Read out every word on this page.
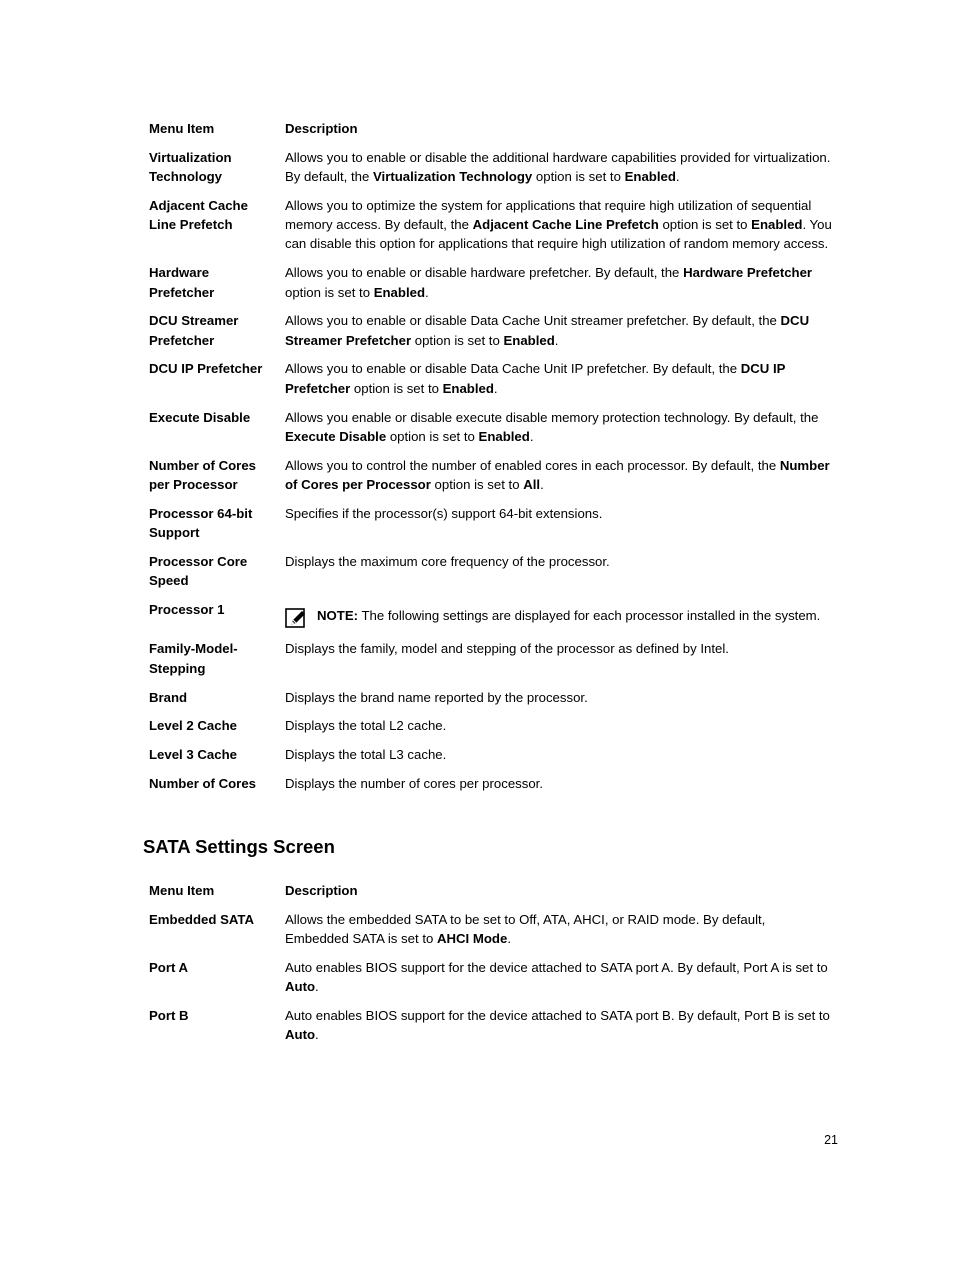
Menu Item	Description
Virtualization Technology	Allows you to enable or disable the additional hardware capabilities provided for virtualization. By default, the Virtualization Technology option is set to Enabled.
Adjacent Cache Line Prefetch	Allows you to optimize the system for applications that require high utilization of sequential memory access. By default, the Adjacent Cache Line Prefetch option is set to Enabled. You can disable this option for applications that require high utilization of random memory access.
Hardware Prefetcher	Allows you to enable or disable hardware prefetcher. By default, the Hardware Prefetcher option is set to Enabled.
DCU Streamer Prefetcher	Allows you to enable or disable Data Cache Unit streamer prefetcher. By default, the DCU Streamer Prefetcher option is set to Enabled.
DCU IP Prefetcher	Allows you to enable or disable Data Cache Unit IP prefetcher. By default, the DCU IP Prefetcher option is set to Enabled.
Execute Disable	Allows you enable or disable execute disable memory protection technology. By default, the Execute Disable option is set to Enabled.
Number of Cores per Processor	Allows you to control the number of enabled cores in each processor. By default, the Number of Cores per Processor option is set to All.
Processor 64-bit Support	Specifies if the processor(s) support 64-bit extensions.
Processor Core Speed	Displays the maximum core frequency of the processor.
Processor 1	NOTE: The following settings are displayed for each processor installed in the system.

Family-Model-Stepping	Displays the family, model and stepping of the processor as defined by Intel.
Brand	Displays the brand name reported by the processor.
Level 2 Cache	Displays the total L2 cache.
Level 3 Cache	Displays the total L3 cache.
Number of Cores	Displays the number of cores per processor.
SATA Settings Screen
Menu Item	Description
Embedded SATA	Allows the embedded SATA to be set to Off, ATA, AHCI, or RAID mode. By default, Embedded SATA is set to AHCI Mode.
Port A	Auto enables BIOS support for the device attached to SATA port A. By default, Port A is set to Auto.
Port B	Auto enables BIOS support for the device attached to SATA port B. By default, Port B is set to Auto.
21
